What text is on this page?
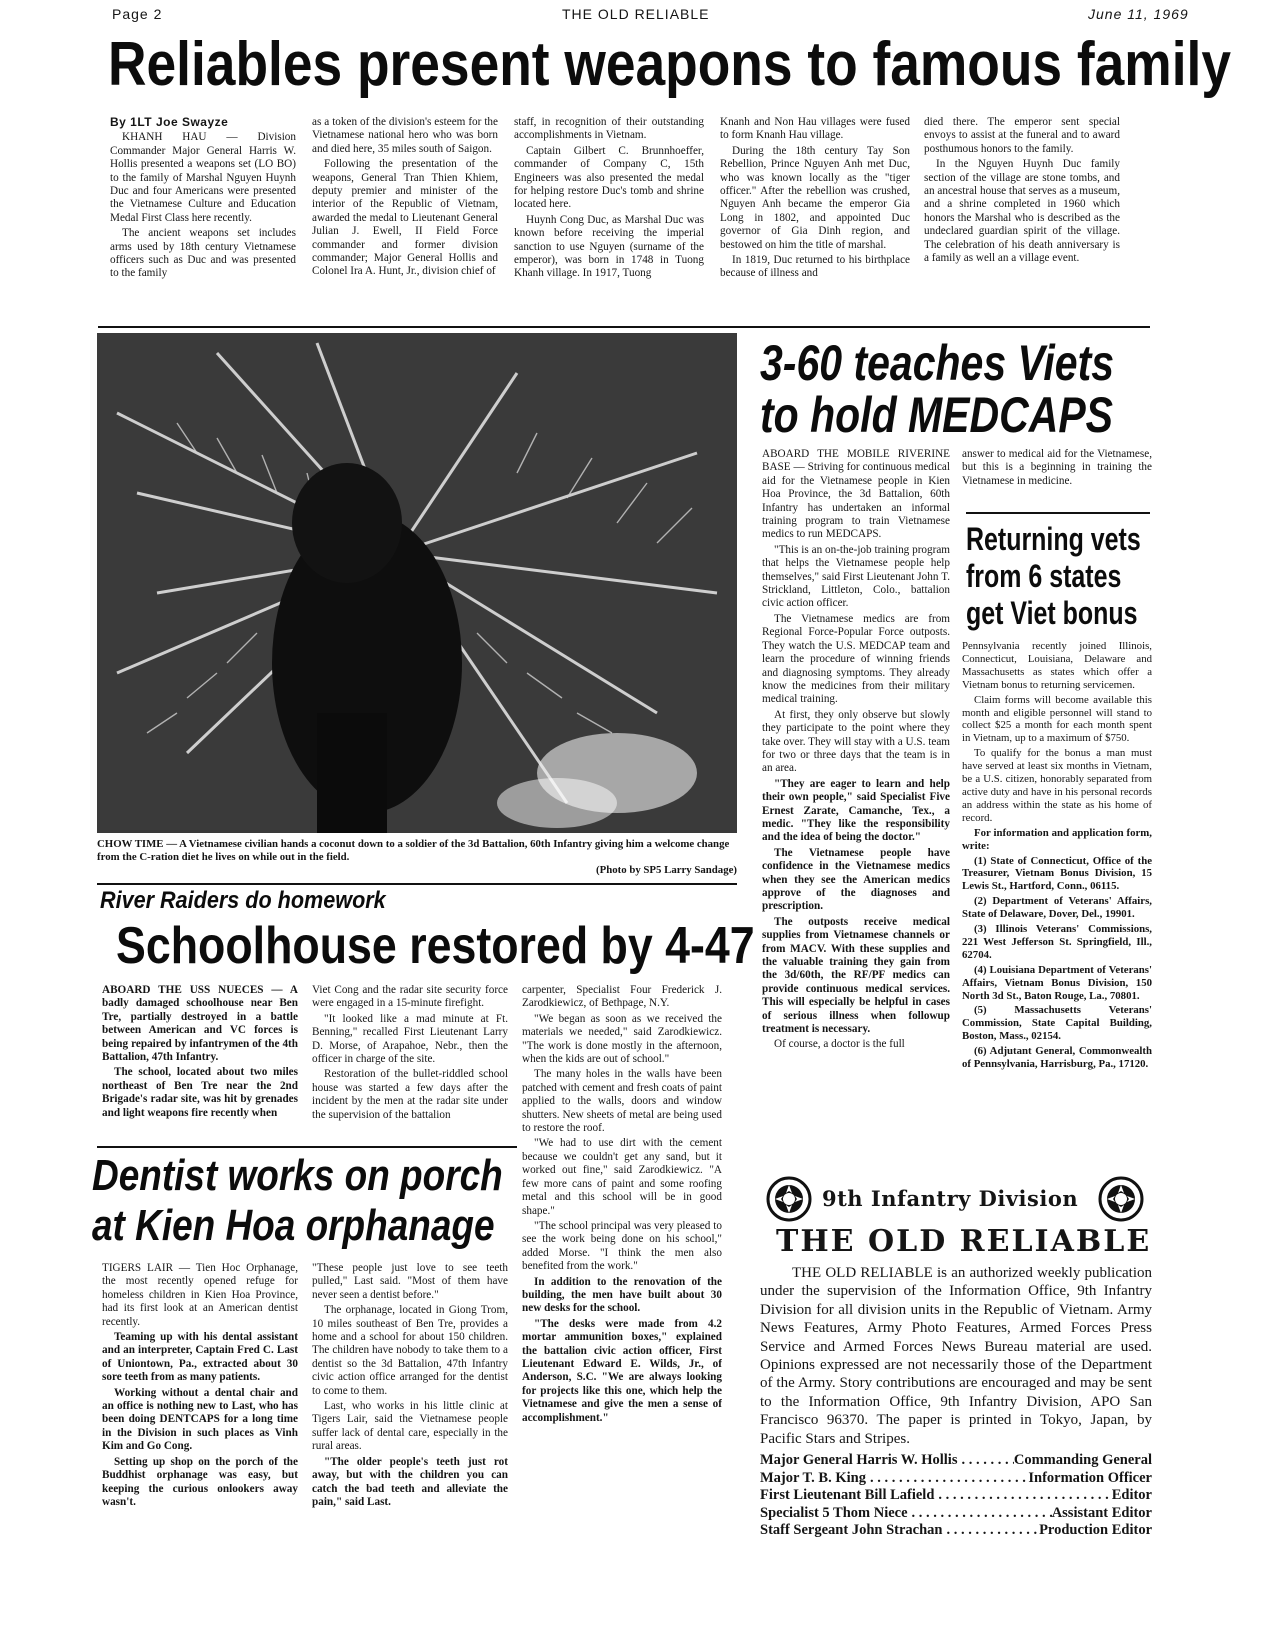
Page 2	THE OLD RELIABLE	June 11, 1969
Reliables present weapons to famous family

By 1LT Joe Swayze

KHANH HAU — Division Commander Major General Harris W. Hollis presented a weapons set (LO BO) to the family of Marshal Nguyen Huynh Duc and four Americans were presented the Vietnamese Culture and Education Medal First Class here recently.

The ancient weapons set includes arms used by 18th century Vietnamese officers such as Duc and was presented to the family

as a token of the division's esteem for the Vietnamese national hero who was born and died here, 35 miles south of Saigon.

Following the presentation of the weapons, General Tran Thien Khiem, deputy premier and minister of the interior of the Republic of Vietnam, awarded the medal to Lieutenant General Julian J. Ewell, II Field Force commander and former division commander; Major General Hollis and Colonel Ira A. Hunt, Jr., division chief of

staff, in recognition of their outstanding accomplishments in Vietnam.

Captain Gilbert C. Brunnhoeffer, commander of Company C, 15th Engineers was also presented the medal for helping restore Duc's tomb and shrine located here.

Huynh Cong Duc, as Marshal Duc was known before receiving the imperial sanction to use Nguyen (surname of the emperor), was born in 1748 in Tuong Khanh village. In 1917, Tuong

Knanh and Non Hau villages were fused to form Knanh Hau village.

During the 18th century Tay Son Rebellion, Prince Nguyen Anh met Duc, who was known locally as the "tiger officer." After the rebellion was crushed, Nguyen Anh became the emperor Gia Long in 1802, and appointed Duc governor of Gia Dinh region, and bestowed on him the title of marshal.

In 1819, Duc returned to his birthplace because of illness and

died there. The emperor sent special envoys to assist at the funeral and to award posthumous honors to the family.

In the Nguyen Huynh Duc family section of the village are stone tombs, and an ancestral house that serves as a museum, and a shrine completed in 1960 which honors the Marshal who is described as the undeclared guardian spirit of the village. The celebration of his death anniversary is a family as well an a village event.

CHOW TIME — A Vietnamese civilian hands a coconut down to a soldier of the 3d Battalion, 60th Infantry giving him a welcome change from the C-ration diet he lives on while out in the field.
(Photo by SP5 Larry Sandage)
3-60 teaches Viets
to hold MEDCAPS

ABOARD THE MOBILE RIVERINE BASE — Striving for continuous medical aid for the Vietnamese people in Kien Hoa Province, the 3d Battalion, 60th Infantry has undertaken an informal training program to train Vietnamese medics to run MEDCAPS.

"This is an on-the-job training program that helps the Vietnamese people help themselves," said First Lieutenant John T. Strickland, Littleton, Colo., battalion civic action officer.

The Vietnamese medics are from Regional Force-Popular Force outposts. They watch the U.S. MEDCAP team and learn the procedure of winning friends and diagnosing symptoms. They already know the medicines from their military medical training.

At first, they only observe but slowly they participate to the point where they take over. They will stay with a U.S. team for two or three days that the team is in an area.

"They are eager to learn and help their own people," said Specialist Five Ernest Zarate, Camanche, Tex., a medic. "They like the responsibility and the idea of being the doctor."

The Vietnamese people have confidence in the Vietnamese medics when they see the American medics approve of the diagnoses and prescription.

The outposts receive medical supplies from Vietnamese channels or from MACV. With these supplies and the valuable training they gain from the 3d/60th, the RF/PF medics can provide continuous medical services. This will especially be helpful in cases of serious illness when followup treatment is necessary.

Of course, a doctor is the full

answer to medical aid for the Vietnamese, but this is a beginning in training the Vietnamese in medicine.

Returning vets
from 6 states
get Viet bonus

Pennsylvania recently joined Illinois, Connecticut, Louisiana, Delaware and Massachusetts as states which offer a Vietnam bonus to returning servicemen.

Claim forms will become available this month and eligible personnel will stand to collect $25 a month for each month spent in Vietnam, up to a maximum of $750.

To qualify for the bonus a man must have served at least six months in Vietnam, be a U.S. citizen, honorably separated from active duty and have in his personal records an address within the state as his home of record.

For information and application form, write:

(1) State of Connecticut, Office of the Treasurer, Vietnam Bonus Division, 15 Lewis St., Hartford, Conn., 06115.

(2) Department of Veterans' Affairs, State of Delaware, Dover, Del., 19901.

(3) Illinois Veterans' Commissions, 221 West Jefferson St. Springfield, Ill., 62704.

(4) Louisiana Department of Veterans' Affairs, Vietnam Bonus Division, 150 North 3d St., Baton Rouge, La., 70801.

(5) Massachusetts Veterans' Commission, State Capital Building, Boston, Mass., 02154.

(6) Adjutant General, Commonwealth of Pennsylvania, Harrisburg, Pa., 17120.

River Raiders do homework
Schoolhouse restored by 4-47

ABOARD THE USS NUECES — A badly damaged schoolhouse near Ben Tre, partially destroyed in a battle between American and VC forces is being repaired by infantrymen of the 4th Battalion, 47th Infantry.

The school, located about two miles northeast of Ben Tre near the 2nd Brigade's radar site, was hit by grenades and light weapons fire recently when

Viet Cong and the radar site security force were engaged in a 15-minute firefight.

"It looked like a mad minute at Ft. Benning," recalled First Lieutenant Larry D. Morse, of Arapahoe, Nebr., then the officer in charge of the site.

Restoration of the bullet-riddled school house was started a few days after the incident by the men at the radar site under the supervision of the battalion

carpenter, Specialist Four Frederick J. Zarodkiewicz, of Bethpage, N.Y.

"We began as soon as we received the materials we needed," said Zarodkiewicz. "The work is done mostly in the afternoon, when the kids are out of school."

The many holes in the walls have been patched with cement and fresh coats of paint applied to the walls, doors and window shutters. New sheets of metal are being used to restore the roof.

"We had to use dirt with the cement because we couldn't get any sand, but it worked out fine," said Zarodkiewicz. "A few more cans of paint and some roofing metal and this school will be in good shape."

"The school principal was very pleased to see the work being done on his school," added Morse. "I think the men also benefited from the work."

In addition to the renovation of the building, the men have built about 30 new desks for the school.

"The desks were made from 4.2 mortar ammunition boxes," explained the battalion civic action officer, First Lieutenant Edward E. Wilds, Jr., of Anderson, S.C. "We are always looking for projects like this one, which help the Vietnamese and give the men a sense of accomplishment."

Dentist works on porch
at Kien Hoa orphanage

TIGERS LAIR — Tien Hoc Orphanage, the most recently opened refuge for homeless children in Kien Hoa Province, had its first look at an American dentist recently.

Teaming up with his dental assistant and an interpreter, Captain Fred C. Last of Uniontown, Pa., extracted about 30 sore teeth from as many patients.

Working without a dental chair and an office is nothing new to Last, who has been doing DENTCAPS for a long time in the Division in such places as Vinh Kim and Go Cong.

Setting up shop on the porch of the Buddhist orphanage was easy, but keeping the curious onlookers away wasn't.

"These people just love to see teeth pulled," Last said. "Most of them have never seen a dentist before."

The orphanage, located in Giong Trom, 10 miles southeast of Ben Tre, provides a home and a school for about 150 children. The children have nobody to take them to a dentist so the 3d Battalion, 47th Infantry civic action office arranged for the dentist to come to them.

Last, who works in his little clinic at Tigers Lair, said the Vietnamese people suffer lack of dental care, especially in the rural areas.

"The older people's teeth just rot away, but with the children you can catch the bad teeth and alleviate the pain," said Last.

9th Infantry Division
THE OLD RELIABLE
THE OLD RELIABLE is an authorized weekly publication under the supervision of the Information Office, 9th Infantry Division for all division units in the Republic of Vietnam. Army News Features, Army Photo Features, Armed Forces Press Service and Armed Forces News Bureau material are used. Opinions expressed are not necessarily those of the Department of the Army. Story contributions are encouraged and may be sent to the Information Office, 9th Infantry Division, APO San Francisco 96370. The paper is printed in Tokyo, Japan, by Pacific Stars and Stripes.
Major General Harris W. Hollis . . .	Commanding General
Major T. B. King . . .	Information Officer
First Lieutenant Bill Lafield . . .	Editor
Specialist 5 Thom Niece . . .	Assistant Editor
Staff Sergeant John Strachan . . .	Production Editor
